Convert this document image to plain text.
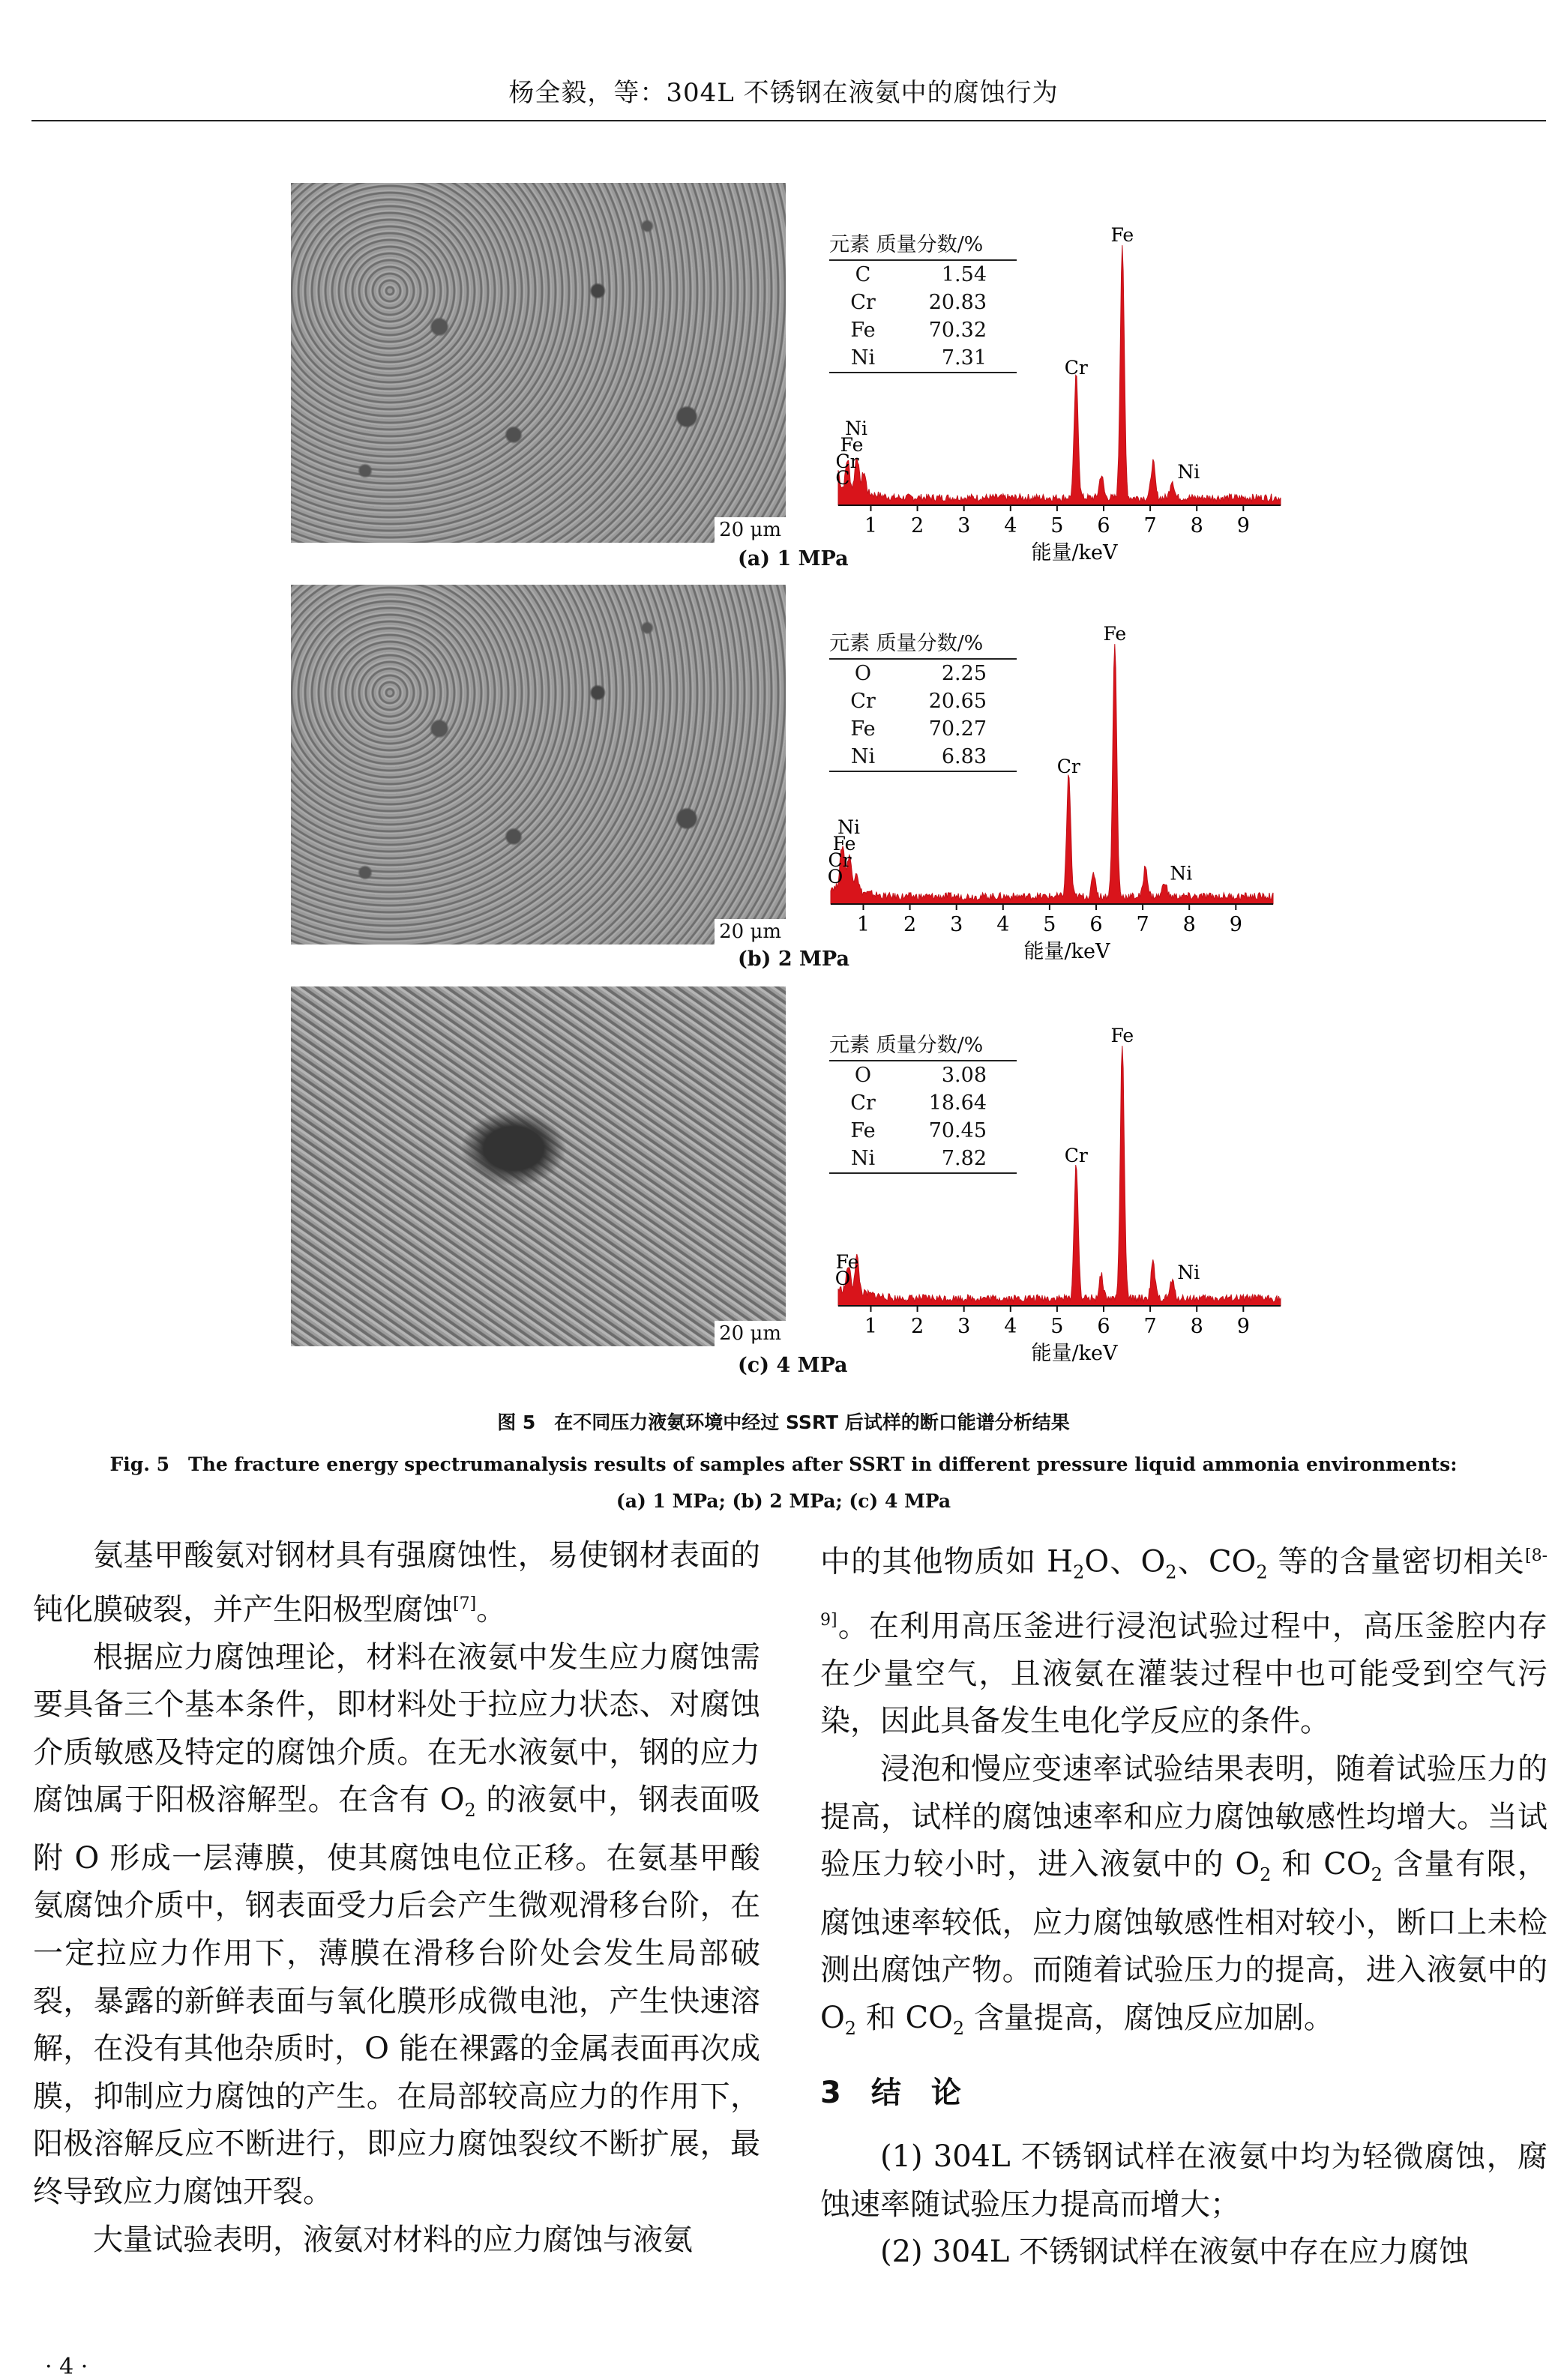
杨全毅，等：304L 不锈钢在液氨中的腐蚀行为
20 μm
元素 质量分数/%
C	1.54
Cr	20.83
Fe	70.32
Ni	7.31
1 2 3 4 5 6 7 8 9
能量/keV
C
Cr
Fe
Ni
Cr
Fe
Ni
(a) 1 MPa
20 μm
元素 质量分数/%
O	2.25
Cr	20.65
Fe	70.27
Ni	6.83
1 2 3 4 5 6 7 8 9
能量/keV
O
Cr
Fe
Ni
Cr
Fe
Ni
(b) 2 MPa
20 μm
元素 质量分数/%
O	3.08
Cr	18.64
Fe	70.45
Ni	7.82
1 2 3 4 5 6 7 8 9
能量/keV
O
Fe
Cr
Fe
Ni
(c) 4 MPa
图 5　在不同压力液氨环境中经过 SSRT 后试样的断口能谱分析结果
Fig. 5　The fracture energy spectrumanalysis results of samples after SSRT in different pressure liquid ammonia environments:
(a) 1 MPa; (b) 2 MPa; (c) 4 MPa

氨基甲酸氨对钢材具有强腐蚀性，易使钢材表面的钝化膜破裂，并产生阳极型腐蚀[7]。

根据应力腐蚀理论，材料在液氨中发生应力腐蚀需要具备三个基本条件，即材料处于拉应力状态、对腐蚀介质敏感及特定的腐蚀介质。在无水液氨中，钢的应力腐蚀属于阳极溶解型。在含有 $O_2$ 的液氨中，钢表面吸附 O 形成一层薄膜，使其腐蚀电位正移。在氨基甲酸氨腐蚀介质中，钢表面受力后会产生微观滑移台阶，在一定拉应力作用下，薄膜在滑移台阶处会发生局部破裂，暴露的新鲜表面与氧化膜形成微电池，产生快速溶解，在没有其他杂质时，O 能在裸露的金属表面再次成膜，抑制应力腐蚀的产生。在局部较高应力的作用下，阳极溶解反应不断进行，即应力腐蚀裂纹不断扩展，最终导致应力腐蚀开裂。

大量试验表明，液氨对材料的应力腐蚀与液氨

中的其他物质如 $H_2O$、$O_2$、$CO_2$ 等的含量密切相关[8-9]。在利用高压釜进行浸泡试验过程中，高压釜腔内存在少量空气，且液氨在灌装过程中也可能受到空气污染，因此具备发生电化学反应的条件。

浸泡和慢应变速率试验结果表明，随着试验压力的提高，试样的腐蚀速率和应力腐蚀敏感性均增大。当试验压力较小时，进入液氨中的 $O_2$ 和 $CO_2$ 含量有限，腐蚀速率较低，应力腐蚀敏感性相对较小，断口上未检测出腐蚀产物。而随着试验压力的提高，进入液氨中的 $O_2$ 和 $CO_2$ 含量提高，腐蚀反应加剧。

3　结　论

(1) 304L 不锈钢试样在液氨中均为轻微腐蚀，腐蚀速率随试验压力提高而增大；

(2) 304L 不锈钢试样在液氨中存在应力腐蚀

· 4 ·
